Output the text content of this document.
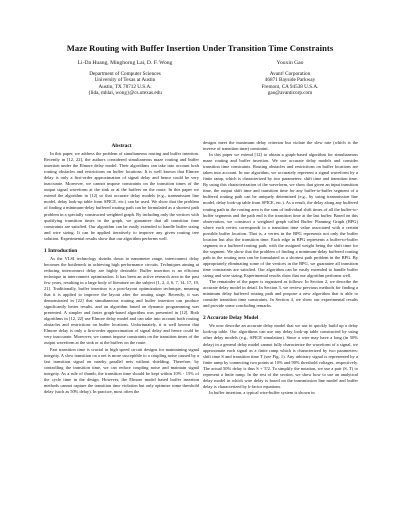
Maze Routing with Buffer Insertion Under Transition Time Constraints
Li-Da Huang, Minghorng Lai, D. F. Wong
Department of Computer Sciences
University of Texas at Austin
Austin, TX 78712 U.S.A.
{lida, mhlai, wong}@cs.utexas.edu
Youxin Gao
Avant! Corporation
46871 Bayside Parkway
Fremont, CA 94538 U.S.A.
gao@avanticorp.com
Abstract

In this paper, we address the problem of simultaneous routing and buffer insertion. Recently in [12, 22], the authors considered simultaneous maze routing and buffer insertion under the Elmore delay model. Their algorithms can take into account both routing obstacles and restrictions on buffer locations. It is well known that Elmore delay is only a first-order approximation of signal delay and hence could be very inaccurate. Moreover, we cannot impose constraints on the transition times of the output signal waveform at the sink or at the buffers on the route. In this paper we extend the algorithm in [12] so that accurate delay models (e.g., transmission line model, delay look-up table from SPICE, etc.) can be used. We show that the problem of finding a minimum-delay buffered routing path can be formulated as a shortest path problem in a specially constructed weighted graph. By including only the vertices with qualifying transition times in the graph, we guarantee that all transition time constraints are satisfied. Our algorithm can be easily extended to handle buffer sizing and wire sizing. It can be applied iteratively to improve any given routing tree solution. Experimental results show that our algorithm performs well.

1 Introduction

As the VLSI technology shrinks down to nanometer range, interconnect delay becomes the bottleneck in achieving high performance circuits. Techniques aiming at reducing interconnect delay are highly desirable. Buffer insertion is an efficient technique in interconnect optimization. It has been an active research area in the past few years, resulting in a large body of literature on the subject [1, 2, 4, 6, 7, 14, 17, 19, 21]. Traditionally, buffer insertion is a post-layout optimization technique, meaning that it is applied to improve the layout after the routing stage. Recently, it was demonstrated in [22] that simultaneous routing and buffer insertion can produce significantly better results, and an algorithm based on dynamic programming was presented. A simpler and faster graph-based algorithm was presented in [12]. Both algorithms in [12, 22] use Elmore delay model and can take into account both routing obstacles and restrictions on buffer locations. Unfortunately, it is well known that Elmore delay is only a first-order approximation of signal delay and hence could be very inaccurate. Moreover, we cannot impose constraints on the transition times of the output waveform at the sink or at the buffers on the route.

Fast transition time is crucial in high speed circuit designs for maintaining signal integrity. A slow transition on a net is more susceptible to a coupling noise caused by a fast transition signal on nearby parallel nets without shielding. Therefore, by controlling the transition time, we can reduce coupling noise and maintain signal integrity. As a rule of thumb, the transition time should be kept within 10% - 15% of the cycle time in the design. However, the Elmore model based buffer insertion methods cannot capture the transition time violation but only optimize some threshold delay (such as 50% delay). In practice, most often the

designs meet the maximum delay criterion but violate the slew rate (which is the inverse of transition time) constraint.

In this paper we extend [12] to obtain a graph-based algorithm for simultaneous maze routing and buffer insertion. We use accurate delay models and consider transition time constraints. Routing obstacles and restrictions on buffer locations are taken into account. In our algorithm, we accurately represent a signal waveform by a finite ramp, which is characterized by two parameters: shift time and transition time. By using this characterization of the waveform, we show that given an input transition time, the output shift time and transition time for any buffer-to-buffer segment of a buffered routing path can be uniquely determined (e.g., by using transmission line model, delay look-up table from SPICE, etc.). As a result, the delay along any buffered routing path in the routing area is the sum of individual shift times of all the buffer-to-buffer segments and the path end is the transition time at the last buffer. Based on this observation, we construct a weighted graph called Buffer Planning Graph (BPG) where each vertex corresponds to a transition time value associated with a certain possible buffer location. That is, a vertex in the BPG represents not only the buffer location but also the transition time. Each edge in BPG represents a buffer-to-buffer segment in a buffered routing path, with the assigned weight being the shift time for the segment. We show that the problem of finding a minimum-delay buffered routing path in the routing area can be formulated as a shortest path problem in the BPG. By appropriately eliminating some of the vertices in the BPG, we guarantee all transition time constraints are satisfied. Our algorithm can be easily extended to handle buffer sizing and wire sizing. Experimental results show that our algorithm performs well.

The remainder of the paper is organized as follows: In Section 2, we describe the accurate delay model in detail. In Section 3, we review previous methods for finding a minimum delay buffered routing path and propose a new algorithm that is able to consider transition time constraints. In Section 4, we show our experimental results and provide some concluding remarks.

2 Accurate Delay Model

We now describe an accurate delay model that we use to quickly build up a delay look-up table. Our algorithms can use any delay look-up table constructed by using other delay models (e.g., SPICE simulation). Since a wire may have a long (in 50% delay) in a general delay model cannot fully characterize the waveform of a signal, we approximate each signal as a finite ramp which is characterized by two parameters: shift time S and transition time T (see Fig. 1). Any arbitrary signal is represented by a finite ramp by connecting two points at 10% and 90% threshold voltages, respectively. The actual 50% delay is thus S + T/2. To simplify the notation, we use a pair (S, T) to represent a finite ramp. In the rest of the section, we show how to use an analytical delay model in which wire delay is based on the transmission line model and buffer delay is characterized by k-factor equations.

In buffer insertion, a typical wire-buffer system is shown in
